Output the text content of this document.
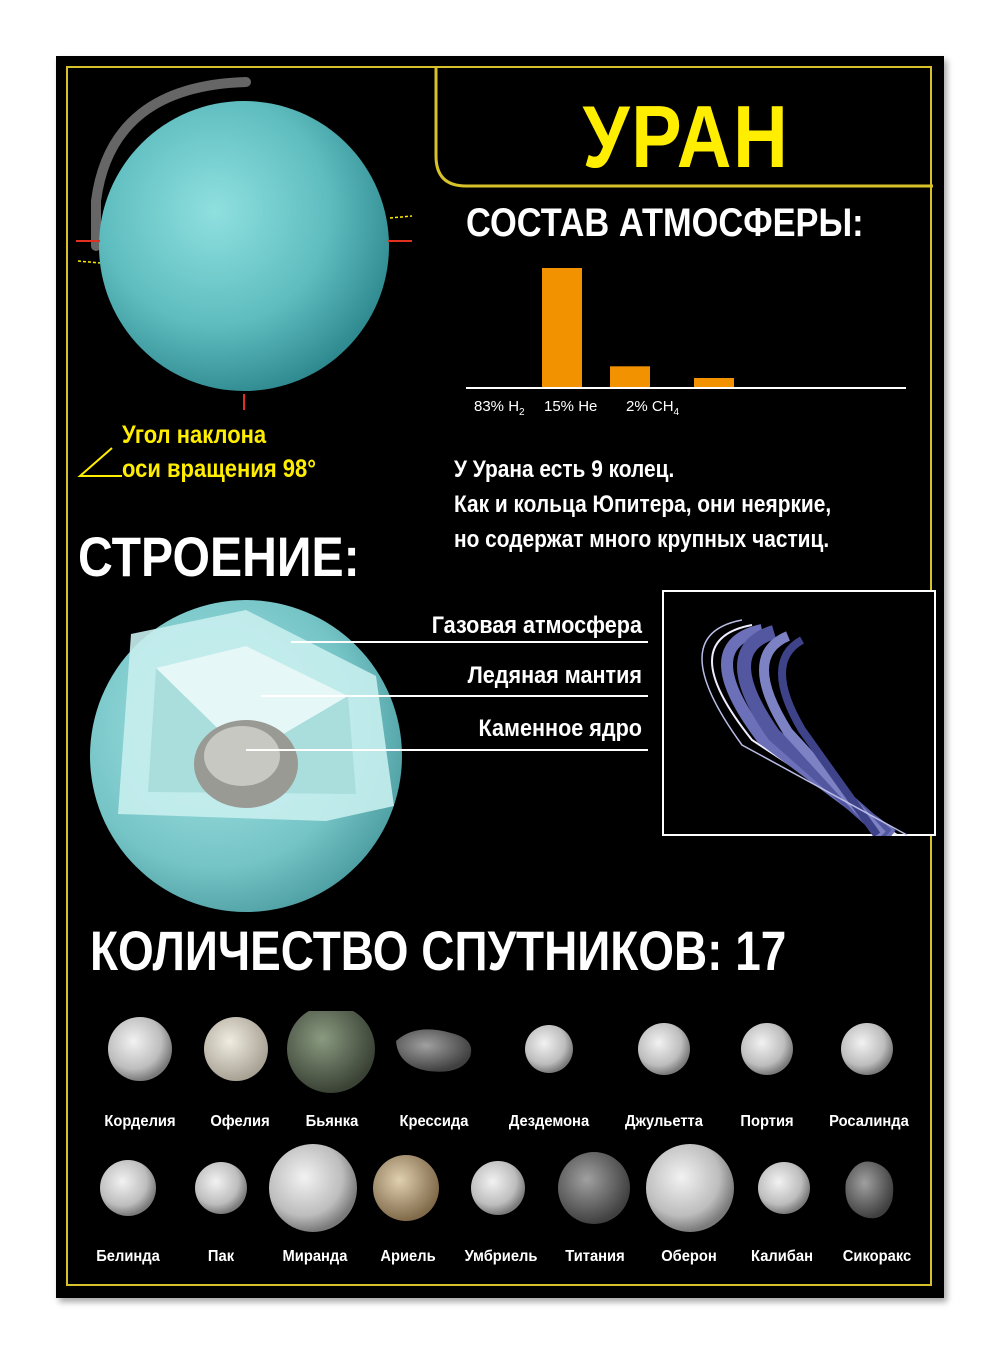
УРАН
СОСТАВ АТМОСФЕРЫ:
Угол наклона
оси вращения 98°
83% $H_2$ 15% He 2% $CH_4$
У Урана есть 9 колец.
Как и кольца Юпитера, они неяркие,
но содержат много крупных частиц.
СТРОЕНИЕ:
Газовая атмосфера
Ледяная мантия
Каменное ядро
КОЛИЧЕСТВО СПУТНИКОВ: 17
Корделия	Офелия	Бьянка	Крессида	Дездемона	Джульетта	Портия	Росалинда
Белинда	Пак	Миранда	Ариель	Умбриель	Титания	Оберон	Калибан	Сикоракс
